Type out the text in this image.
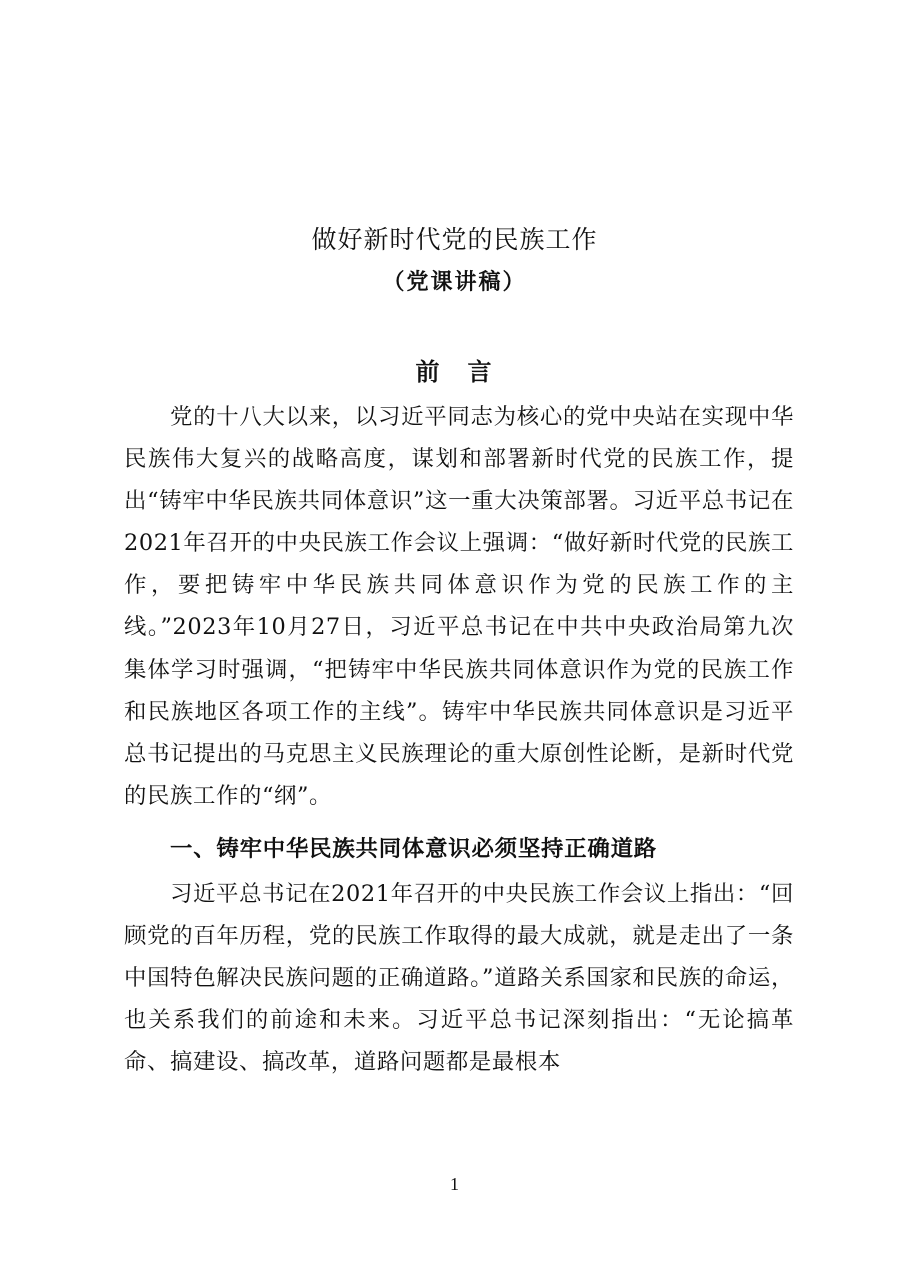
做好新时代党的民族工作
（党课讲稿）
前　言

党的十八大以来，以习近平同志为核心的党中央站在实现中华民族伟大复兴的战略高度，谋划和部署新时代党的民族工作，提出“铸牢中华民族共同体意识”这一重大决策部署。习近平总书记在2021年召开的中央民族工作会议上强调：“做好新时代党的民族工作，要把铸牢中华民族共同体意识作为党的民族工作的主线。”2023年10月27日，习近平总书记在中共中央政治局第九次集体学习时强调，“把铸牢中华民族共同体意识作为党的民族工作和民族地区各项工作的主线”。铸牢中华民族共同体意识是习近平总书记提出的马克思主义民族理论的重大原创性论断，是新时代党的民族工作的“纲”。

一、铸牢中华民族共同体意识必须坚持正确道路

习近平总书记在2021年召开的中央民族工作会议上指出：“回顾党的百年历程，党的民族工作取得的最大成就，就是走出了一条中国特色解决民族问题的正确道路。”道路关系国家和民族的命运，也关系我们的前途和未来。习近平总书记深刻指出：“无论搞革命、搞建设、搞改革，道路问题都是最根本

1
